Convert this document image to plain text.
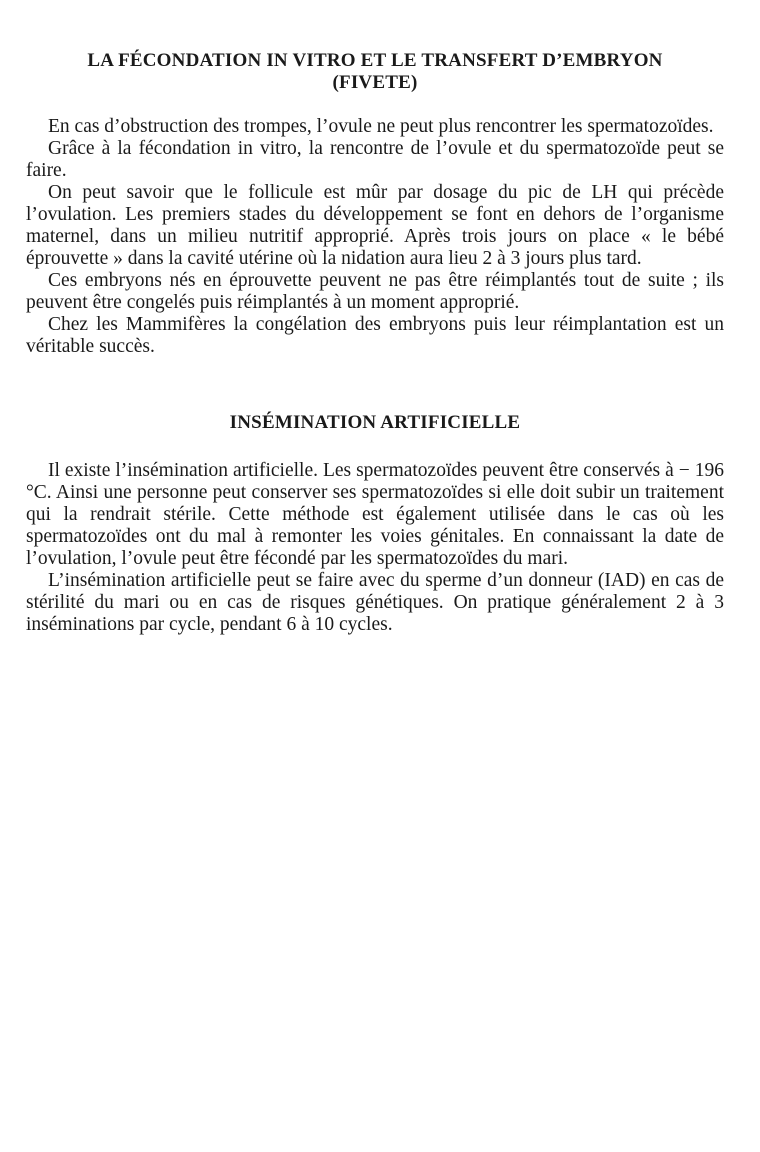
LA FÉCONDATION IN VITRO ET LE TRANSFERT D’EMBRYON
(FIVETE)

En cas d’obstruction des trompes, l’ovule ne peut plus rencontrer les spermatozoïdes.

Grâce à la fécondation in vitro, la rencontre de l’ovule et du spermatozoïde peut se faire.

On peut savoir que le follicule est mûr par dosage du pic de LH qui précède l’ovulation. Les premiers stades du développement se font en dehors de l’organisme maternel, dans un milieu nutritif approprié. Après trois jours on place « le bébé éprouvette » dans la cavité utérine où la nidation aura lieu 2 à 3 jours plus tard.

Ces embryons nés en éprouvette peuvent ne pas être réimplantés tout de suite ; ils peuvent être congelés puis réimplantés à un moment approprié.

Chez les Mammifères la congélation des embryons puis leur réimplantation est un véritable succès.

INSÉMINATION ARTIFICIELLE

Il existe l’insémination artificielle. Les spermatozoïdes peuvent être conservés à − 196 °C. Ainsi une personne peut conserver ses spermatozoïdes si elle doit subir un traitement qui la rendrait stérile. Cette méthode est également utilisée dans le cas où les spermatozoïdes ont du mal à remonter les voies génitales. En connaissant la date de l’ovulation, l’ovule peut être fécondé par les spermatozoïdes du mari.

L’insémination artificielle peut se faire avec du sperme d’un donneur (IAD) en cas de stérilité du mari ou en cas de risques génétiques. On pratique généralement 2 à 3 inséminations par cycle, pendant 6 à 10 cycles.
